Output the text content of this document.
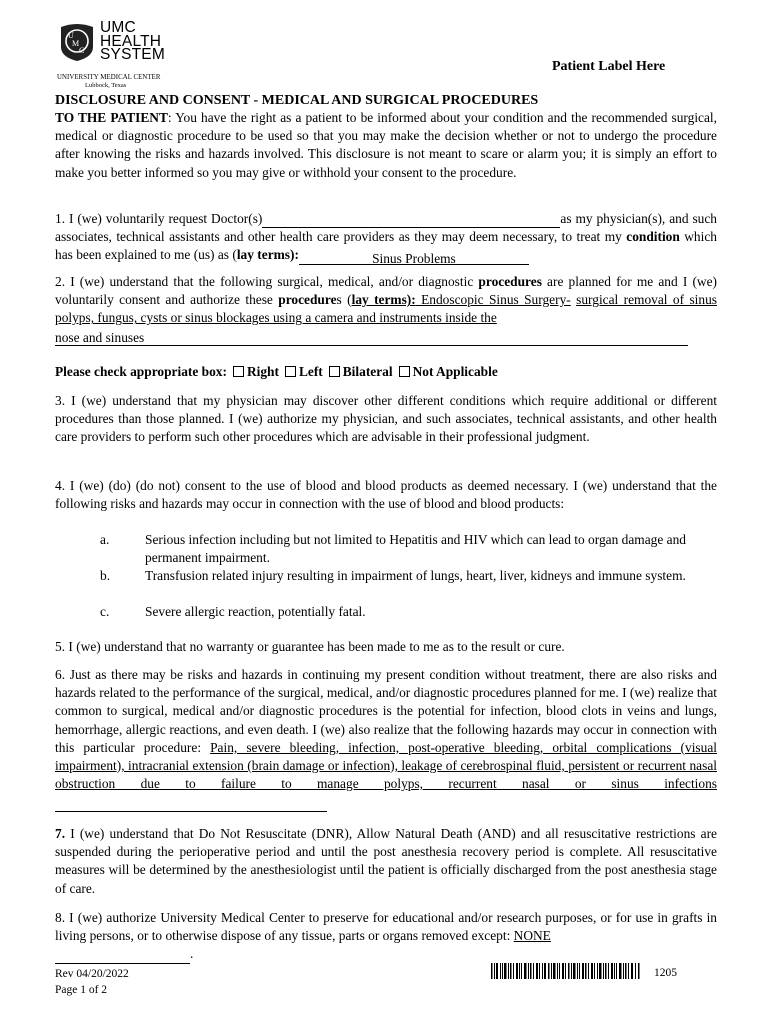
U
M
C
UMC
HEALTH
SYSTEM
UNIVERSITY MEDICAL CENTER
Lubbock, Texas
Patient Label Here
DISCLOSURE AND CONSENT - MEDICAL AND SURGICAL PROCEDURES
TO THE PATIENT: You have the right as a patient to be informed about your condition and the recommended surgical, medical or diagnostic procedure to be used so that you may make the decision whether or not to undergo the procedure after knowing the risks and hazards involved. This disclosure is not meant to scare or alarm you; it is simply an effort to make you better informed so you may give or withhold your consent to the procedure.
1. I (we) voluntarily request Doctor(s)	as my physician(s), and such associates, technical assistants and other health care providers as they may deem necessary, to treat my condition which has been explained to me (us) as (lay terms):	Sinus Problems
2. I (we) understand that the following surgical, medical, and/or diagnostic procedures are planned for me and I (we) voluntarily consent and authorize these procedures (lay terms): Endoscopic Sinus Surgery- surgical removal of sinus polyps, fungus, cysts or sinus blockages using a camera and instruments inside the
nose and sinuses
Please check appropriate box: Right Left Bilateral Not Applicable
3. I (we) understand that my physician may discover other different conditions which require additional or different procedures than those planned. I (we) authorize my physician, and such associates, technical assistants, and other health care providers to perform such other procedures which are advisable in their professional judgment.
4. I (we) (do) (do not) consent to the use of blood and blood products as deemed necessary. I (we) understand that the following risks and hazards may occur in connection with the use of blood and blood products:
a.	Serious infection including but not limited to Hepatitis and HIV which can lead to organ damage and permanent impairment.
b.	Transfusion related injury resulting in impairment of lungs, heart, liver, kidneys and immune system.
c.	Severe allergic reaction, potentially fatal.
5. I (we) understand that no warranty or guarantee has been made to me as to the result or cure.
6. Just as there may be risks and hazards in continuing my present condition without treatment, there are also risks and hazards related to the performance of the surgical, medical, and/or diagnostic procedures planned for me. I (we) realize that common to surgical, medical and/or diagnostic procedures is the potential for infection, blood clots in veins and lungs, hemorrhage, allergic reactions, and even death. I (we) also realize that the following hazards may occur in connection with this particular procedure: Pain, severe bleeding, infection, post-operative bleeding, orbital complications (visual impairment), intracranial extension (brain damage or infection), leakage of cerebrospinal fluid, persistent or recurrent nasal obstruction due to failure to manage polyps, recurrent nasal or sinus infections
7. I (we) understand that Do Not Resuscitate (DNR), Allow Natural Death (AND) and all resuscitative restrictions are suspended during the perioperative period and until the post anesthesia recovery period is complete. All resuscitative measures will be determined by the anesthesiologist until the patient is officially discharged from the post anesthesia stage of care.
8. I (we) authorize University Medical Center to preserve for educational and/or research purposes, or for use in grafts in living persons, or to otherwise dispose of any tissue, parts or organs removed except: NONE
.
Rev 04/20/2022
Page 1 of 2
1205
